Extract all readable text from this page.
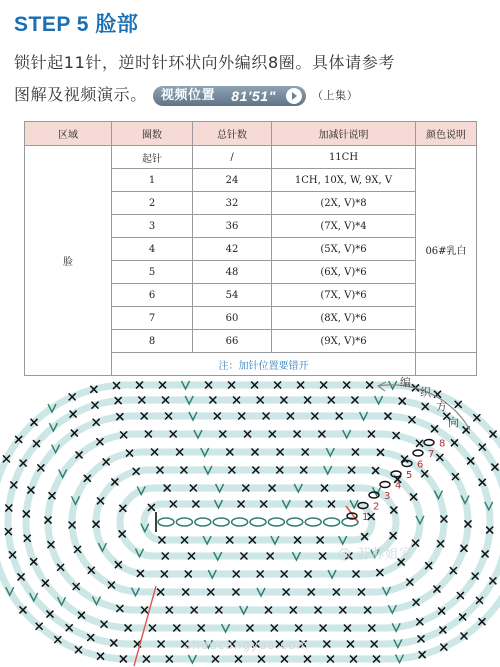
STEP 5 脸部
锁针起11针，逆时针环状向外编织8圈。具体请参考
图解及视频演示。 视频位置 81'51"	（上集）
区域	圈数	总针数	加减针说明	颜色说明
脸	起针	/	11CH	06#乳白
	1	24	1CH, 10X, W, 9X, V	
	2	32	(2X, V)*8	
	3	36	(7X, V)*4	
	4	42	(5X, V)*6	
	5	48	(6X, V)*6	
	6	54	(7X, V)*6	
	7	60	(8X, V)*6	
	8	66	(9X, V)*6	
	注：加针位置要错开			
1
2
3
4
5
6
7
8
编
织
方
向
@ 苏苏姐家
shoucangyao.com
